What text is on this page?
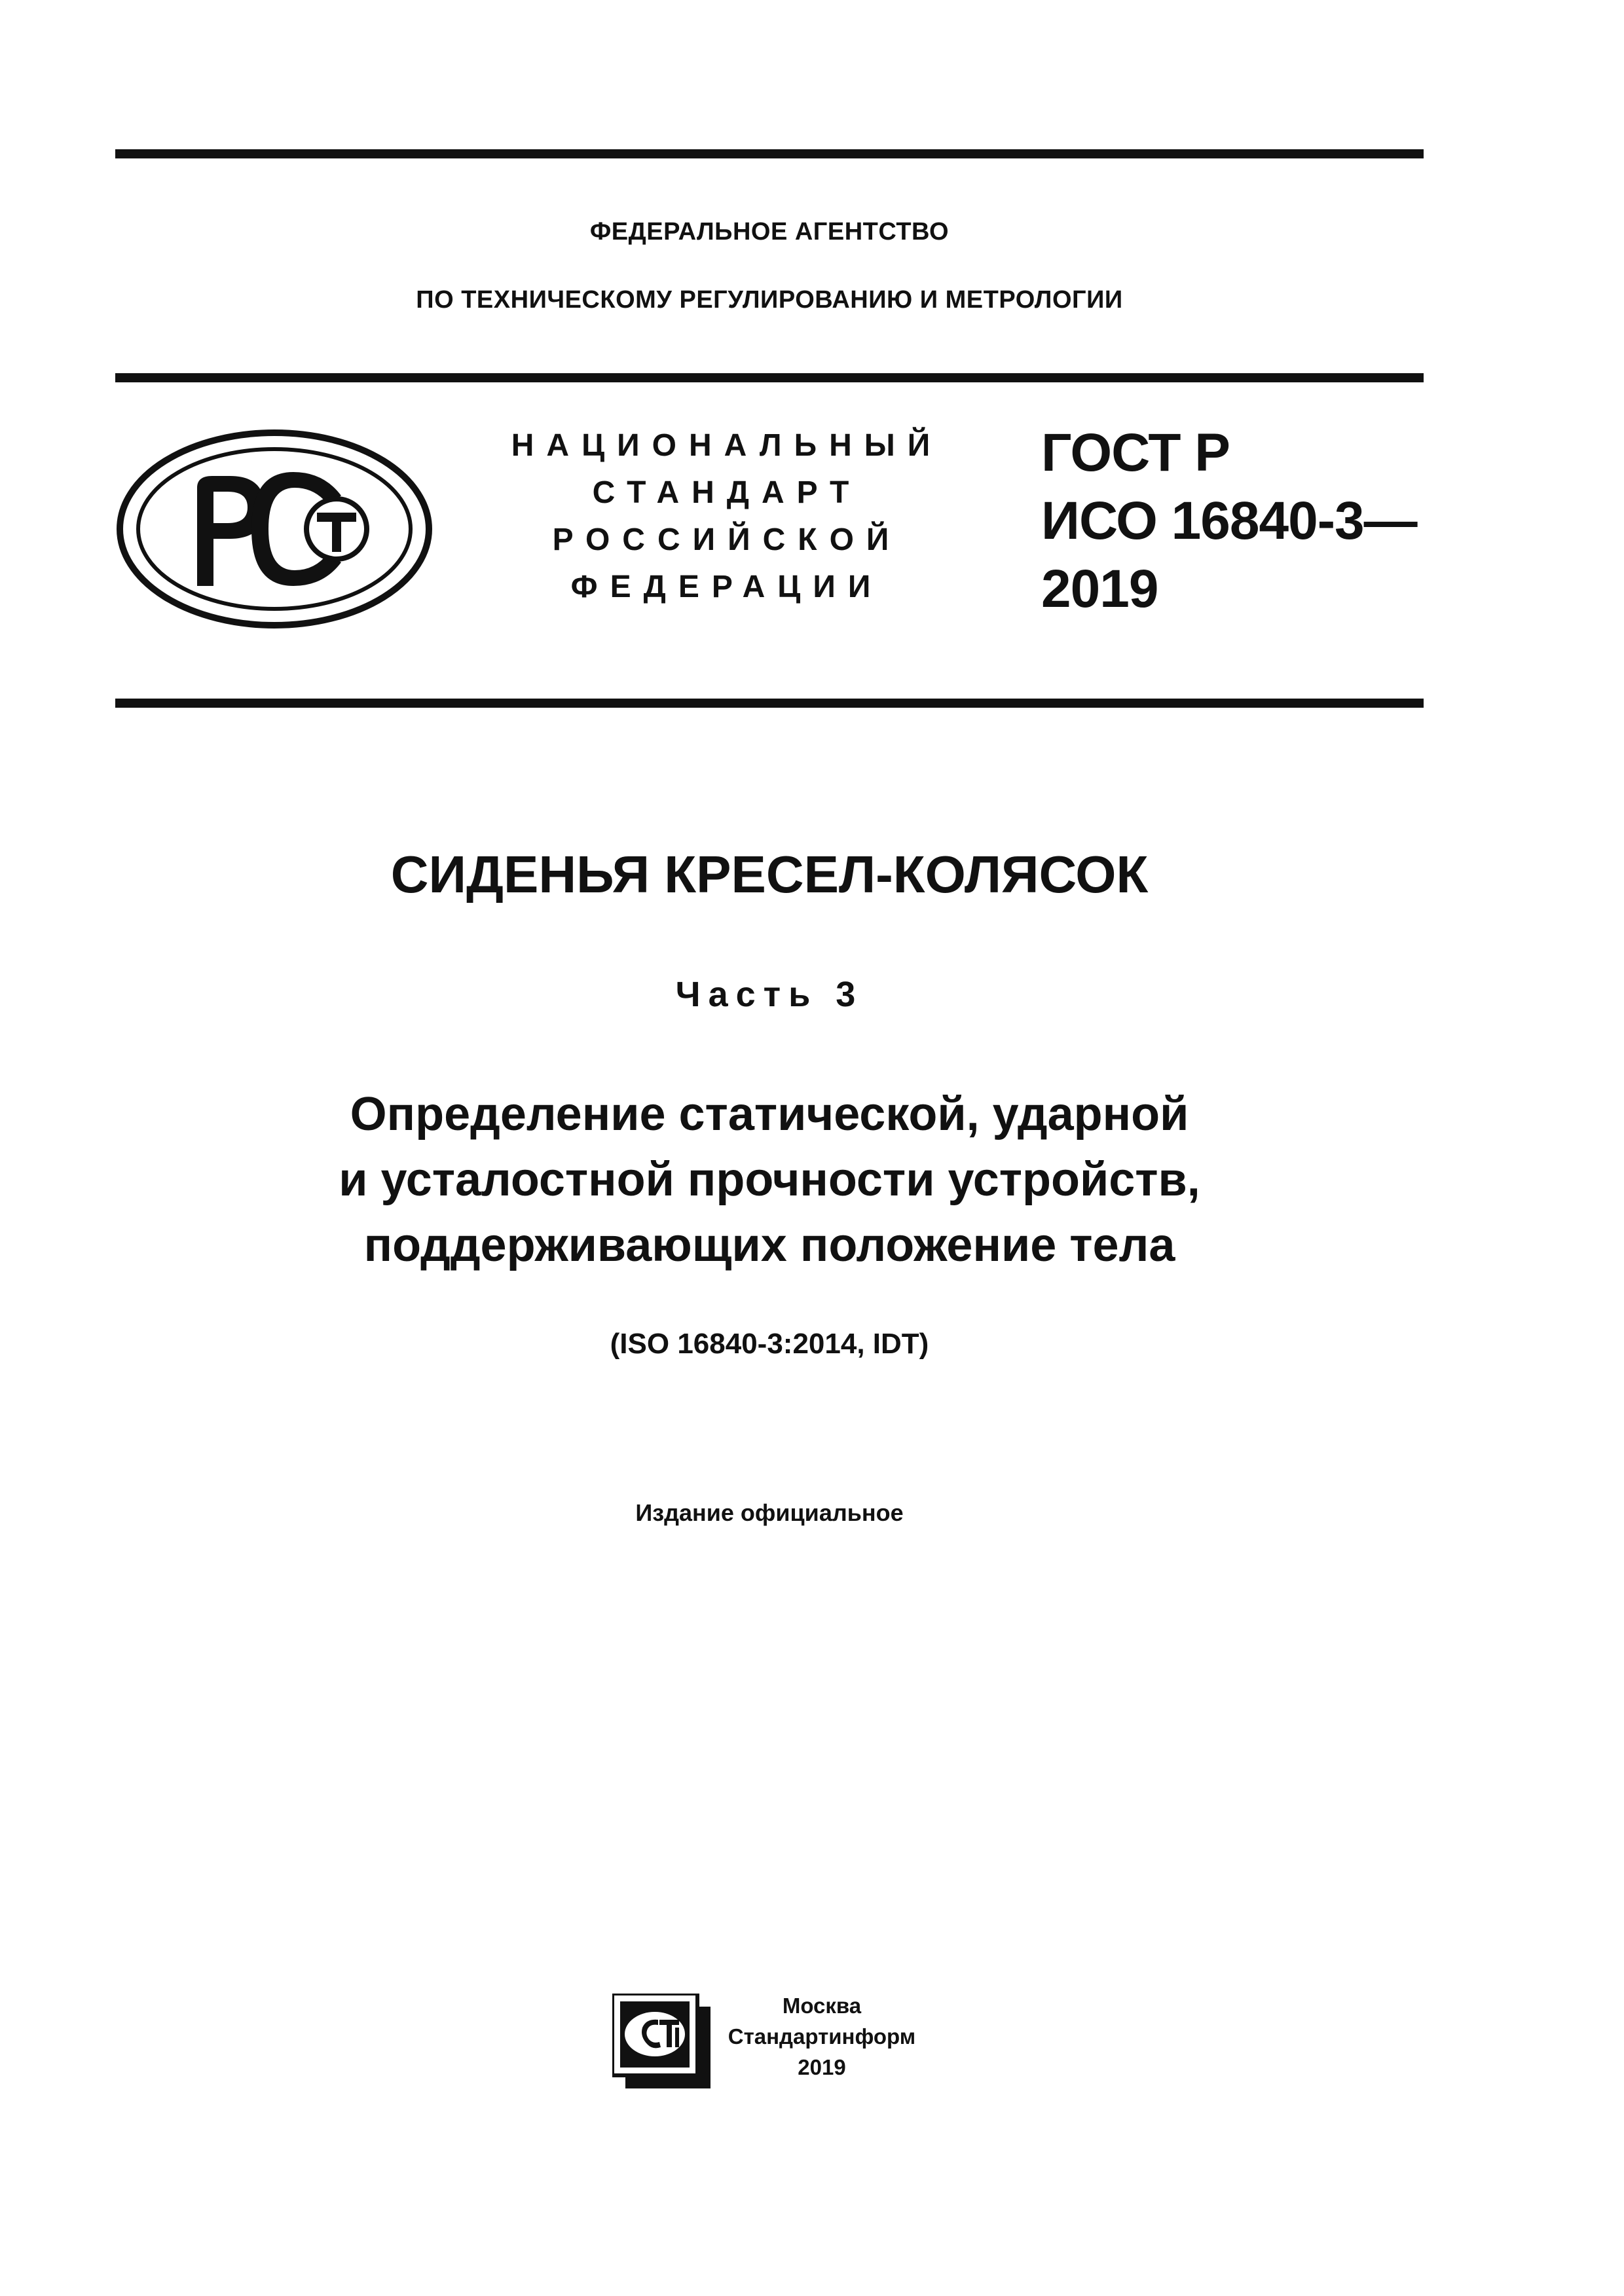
ФЕДЕРАЛЬНОЕ АГЕНТСТВО
ПО ТЕХНИЧЕСКОМУ РЕГУЛИРОВАНИЮ И МЕТРОЛОГИИ
НАЦИОНАЛЬНЫЙ
СТАНДАРТ
РОССИЙСКОЙ
ФЕДЕРАЦИИ
ГОСТ Р
ИСО 16840-3—
2019
СИДЕНЬЯ КРЕСЕЛ-КОЛЯСОК
Часть 3
Определение статической, ударной
и усталостной прочности устройств,
поддерживающих положение тела
(ISO 16840-3:2014, IDT)
Издание официальное
Москва
Стандартинформ
2019
